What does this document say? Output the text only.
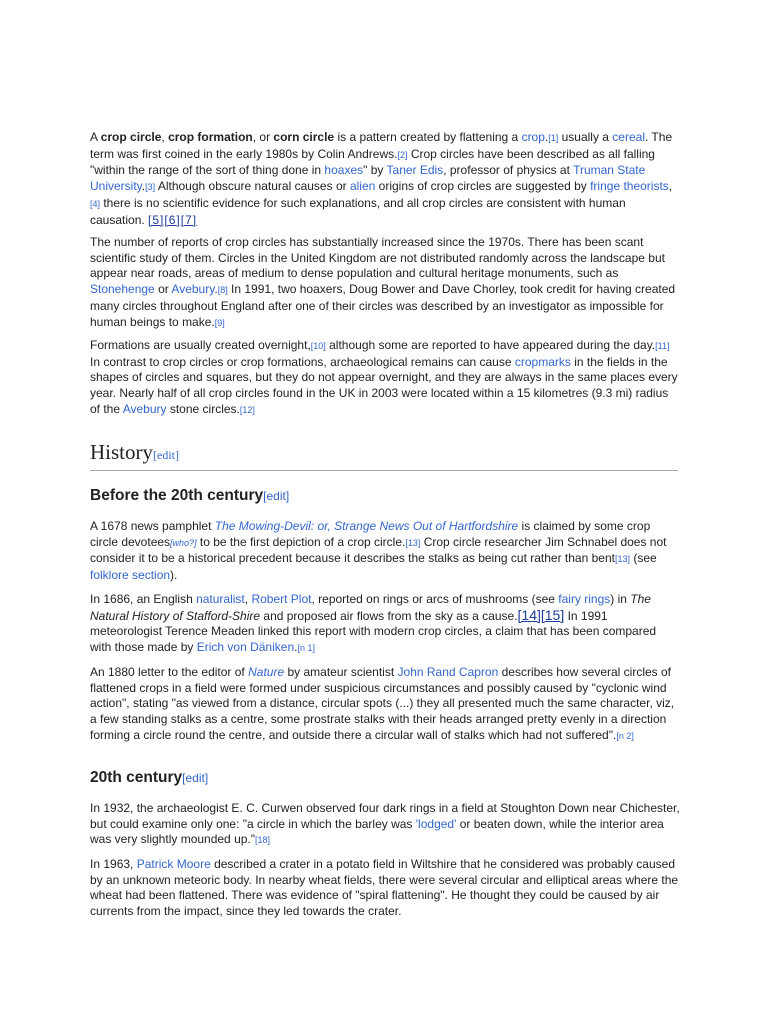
A crop circle, crop formation, or corn circle is a pattern created by flattening a crop.[1] usually a cereal. The term was first coined in the early 1980s by Colin Andrews.[2] Crop circles have been described as all falling "within the range of the sort of thing done in hoaxes" by Taner Edis, professor of physics at Truman State University.[3] Although obscure natural causes or alien origins of crop circles are suggested by fringe theorists,[4] there is no scientific evidence for such explanations, and all crop circles are consistent with human causation. [5][6][7]

The number of reports of crop circles has substantially increased since the 1970s. There has been scant scientific study of them. Circles in the United Kingdom are not distributed randomly across the landscape but appear near roads, areas of medium to dense population and cultural heritage monuments, such as Stonehenge or Avebury.[8] In 1991, two hoaxers, Doug Bower and Dave Chorley, took credit for having created many circles throughout England after one of their circles was described by an investigator as impossible for human beings to make.[9]

Formations are usually created overnight,[10] although some are reported to have appeared during the day.[11] In contrast to crop circles or crop formations, archaeological remains can cause cropmarks in the fields in the shapes of circles and squares, but they do not appear overnight, and they are always in the same places every year. Nearly half of all crop circles found in the UK in 2003 were located within a 15 kilometres (9.3 mi) radius of the Avebury stone circles.[12]

History[edit]
Before the 20th century[edit]

A 1678 news pamphlet The Mowing-Devil: or, Strange News Out of Hartfordshire is claimed by some crop circle devotees[who?] to be the first depiction of a crop circle.[13] Crop circle researcher Jim Schnabel does not consider it to be a historical precedent because it describes the stalks as being cut rather than bent[13] (see folklore section).

In 1686, an English naturalist, Robert Plot, reported on rings or arcs of mushrooms (see fairy rings) in The Natural History of Stafford-Shire and proposed air flows from the sky as a cause.[14][15] In 1991 meteorologist Terence Meaden linked this report with modern crop circles, a claim that has been compared with those made by Erich von Däniken.[n 1]

An 1880 letter to the editor of Nature by amateur scientist John Rand Capron describes how several circles of flattened crops in a field were formed under suspicious circumstances and possibly caused by "cyclonic wind action", stating "as viewed from a distance, circular spots (...) they all presented much the same character, viz, a few standing stalks as a centre, some prostrate stalks with their heads arranged pretty evenly in a direction forming a circle round the centre, and outside there a circular wall of stalks which had not suffered".[n 2]

20th century[edit]

In 1932, the archaeologist E. C. Curwen observed four dark rings in a field at Stoughton Down near Chichester, but could examine only one: "a circle in which the barley was 'lodged' or beaten down, while the interior area was very slightly mounded up."[18]

In 1963, Patrick Moore described a crater in a potato field in Wiltshire that he considered was probably caused by an unknown meteoric body. In nearby wheat fields, there were several circular and elliptical areas where the wheat had been flattened. There was evidence of "spiral flattening". He thought they could be caused by air currents from the impact, since they led towards the crater.
